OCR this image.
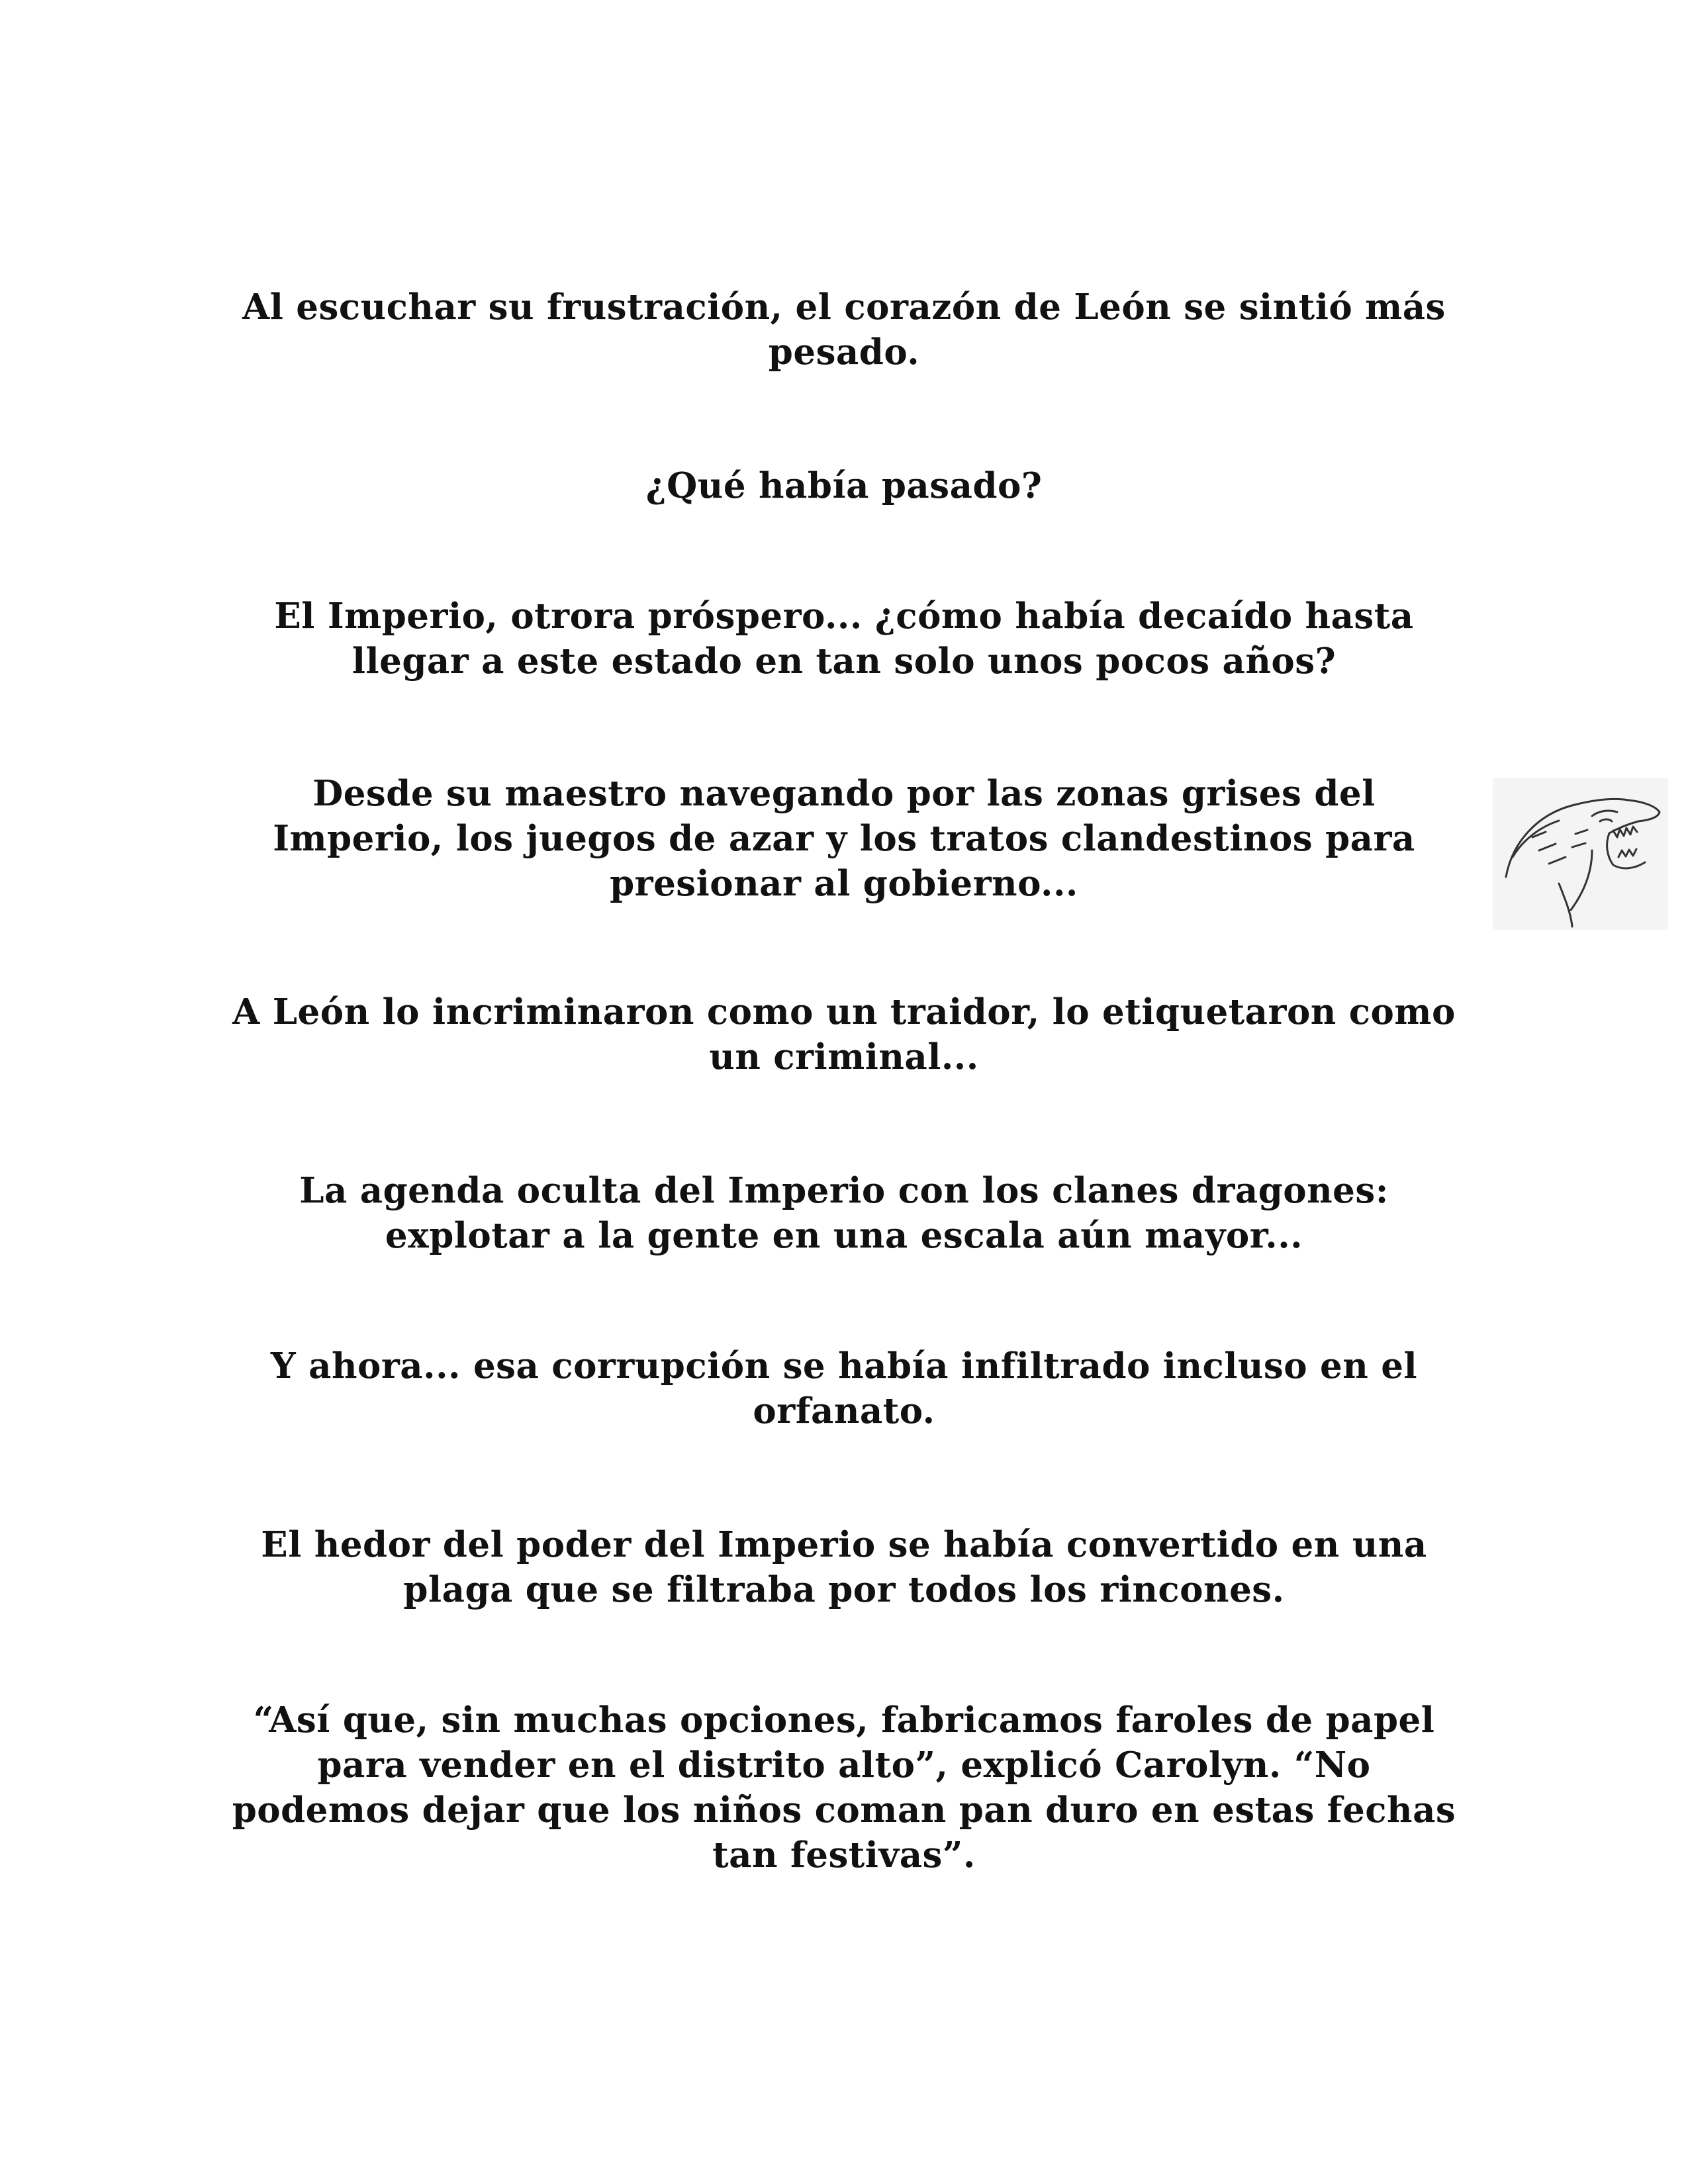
Al escuchar su frustración, el corazón de León se sintió más pesado.

¿Qué había pasado?

El Imperio, otrora próspero... ¿cómo había decaído hasta llegar a este estado en tan solo unos pocos años?

Desde su maestro navegando por las zonas grises del Imperio, los juegos de azar y los tratos clandestinos para presionar al gobierno...

A León lo incriminaron como un traidor, lo etiquetaron como un criminal...

La agenda oculta del Imperio con los clanes dragones: explotar a la gente en una escala aún mayor...

Y ahora... esa corrupción se había infiltrado incluso en el orfanato.

El hedor del poder del Imperio se había convertido en una plaga que se filtraba por todos los rincones.

“Así que, sin muchas opciones, fabricamos faroles de papel para vender en el distrito alto”, explicó Carolyn. “No podemos dejar que los niños coman pan duro en estas fechas tan festivas”.
